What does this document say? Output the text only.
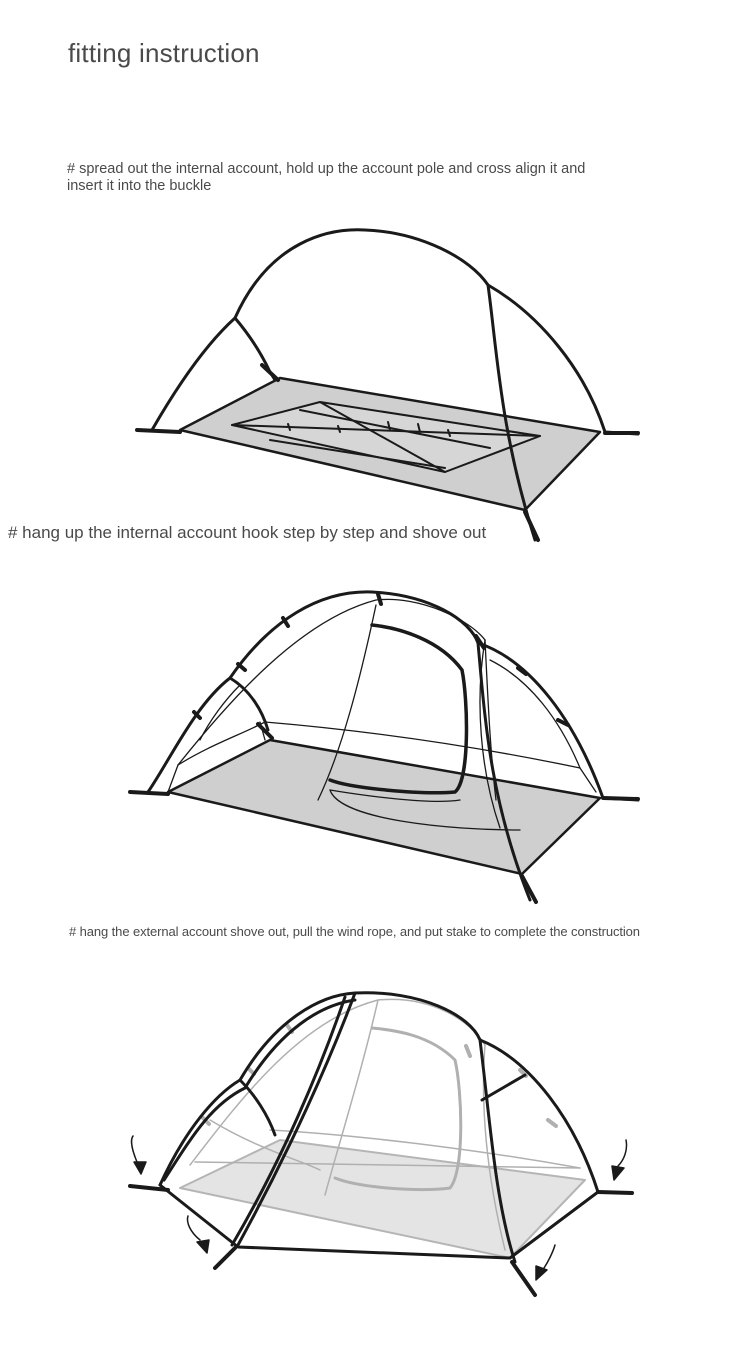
fitting instruction
# spread out the internal account, hold up the account pole and cross align it and insert it into the buckle
# hang up the internal account hook step by step and shove out
# hang the external account shove out, pull the wind rope, and put stake to complete the construction
